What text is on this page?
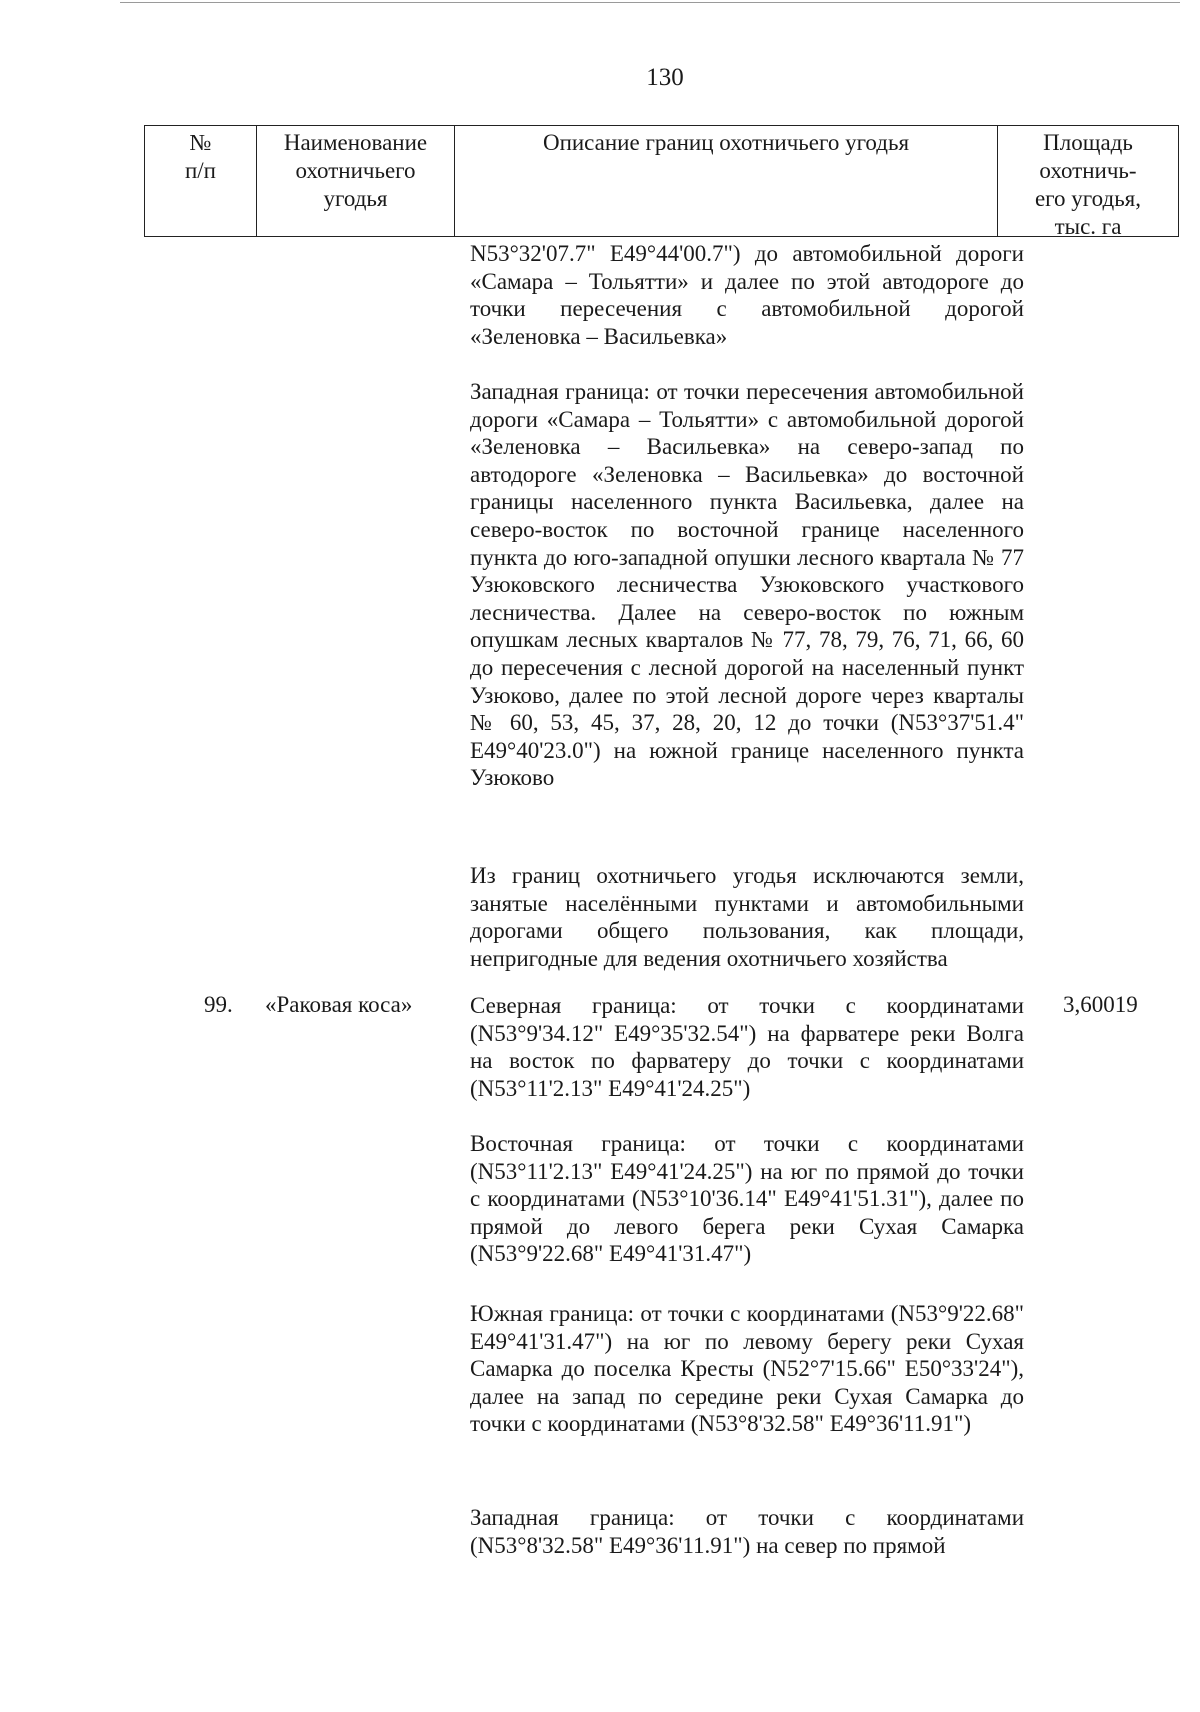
130
№
п/п
Наименование
охотничьего
угодья
Описание границ охотничьего угодья	Площадь
охотничь-
его угодья,
тыс. га
N53°32'07.7" E49°44'00.7") до автомобильной дороги «Самара – Тольятти» и далее по этой автодороге до точки пересечения с автомобильной дорогой «Зеленовка – Васильевка»
Западная граница: от точки пересечения автомобильной дороги «Самара – Тольятти» с автомобильной дорогой «Зеленовка – Васильевка» на северо-запад по автодороге «Зеленовка – Васильевка» до восточной границы населенного пункта Васильевка, далее на северо-восток по восточной границе населенного пункта до юго-западной опушки лесного квартала № 77 Узюковского лесничества Узюковского участкового лесничества. Далее на северо-восток по южным опушкам лесных кварталов № 77, 78, 79, 76, 71, 66, 60 до пересечения с лесной дорогой на населенный пункт Узюково, далее по этой лесной дороге через кварталы № 60, 53, 45, 37, 28, 20, 12 до точки (N53°37'51.4" E49°40'23.0") на южной границе населенного пункта Узюково
Из границ охотничьего угодья исключаются земли, занятые населёнными пунктами и автомобильными дорогами общего пользования, как площади, непригодные для ведения охотничьего хозяйства
99. «Раковая коса»	3,60019
Северная граница: от точки с координатами (N53°9'34.12" E49°35'32.54") на фарватере реки Волга на восток по фарватеру до точки с координатами (N53°11'2.13" E49°41'24.25")
Восточная граница: от точки с координатами (N53°11'2.13" E49°41'24.25") на юг по прямой до точки с координатами (N53°10'36.14" E49°41'51.31"), далее по прямой до левого берега реки Сухая Самарка (N53°9'22.68" E49°41'31.47")
Южная граница: от точки с координатами (N53°9'22.68" E49°41'31.47") на юг по левому берегу реки Сухая Самарка до поселка Кресты (N52°7'15.66" E50°33'24"), далее на запад по середине реки Сухая Самарка до точки с координатами (N53°8'32.58" E49°36'11.91")
Западная граница: от точки с координатами (N53°8'32.58" E49°36'11.91") на север по прямой
